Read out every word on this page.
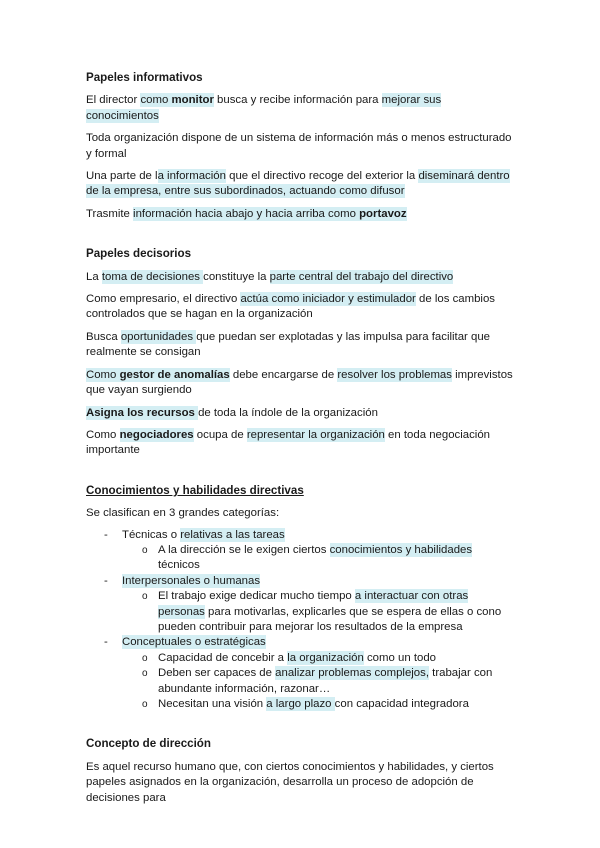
Papeles informativos

El director como monitor busca y recibe información para mejorar sus conocimientos

Toda organización dispone de un sistema de información más o menos estructurado y formal

Una parte de la información que el directivo recoge del exterior la diseminará dentro de la empresa, entre sus subordinados, actuando como difusor

Trasmite información hacia abajo y hacia arriba como portavoz

Papeles decisorios

La toma de decisiones constituye la parte central del trabajo del directivo

Como empresario, el directivo actúa como iniciador y estimulador de los cambios controlados que se hagan en la organización

Busca oportunidades que puedan ser explotadas y las impulsa para facilitar que realmente se consigan

Como gestor de anomalías debe encargarse de resolver los problemas imprevistos que vayan surgiendo

Asigna los recursos de toda la índole de la organización

Como negociadores ocupa de representar la organización en toda negociación importante

Conocimientos y habilidades directivas

Se clasifican en 3 grandes categorías:

- Técnicas o relativas a las tareas
o A la dirección se le exigen ciertos conocimientos y habilidades técnicos
- Interpersonales o humanas
o El trabajo exige dedicar mucho tiempo a interactuar con otras personas para motivarlas, explicarles que se espera de ellas o cono pueden contribuir para mejorar los resultados de la empresa
- Conceptuales o estratégicas
o Capacidad de concebir a la organización como un todo
o Deben ser capaces de analizar problemas complejos, trabajar con abundante información, razonar…
o Necesitan una visión a largo plazo con capacidad integradora

Concepto de dirección

Es aquel recurso humano que, con ciertos conocimientos y habilidades, y ciertos papeles asignados en la organización, desarrolla un proceso de adopción de decisiones para
